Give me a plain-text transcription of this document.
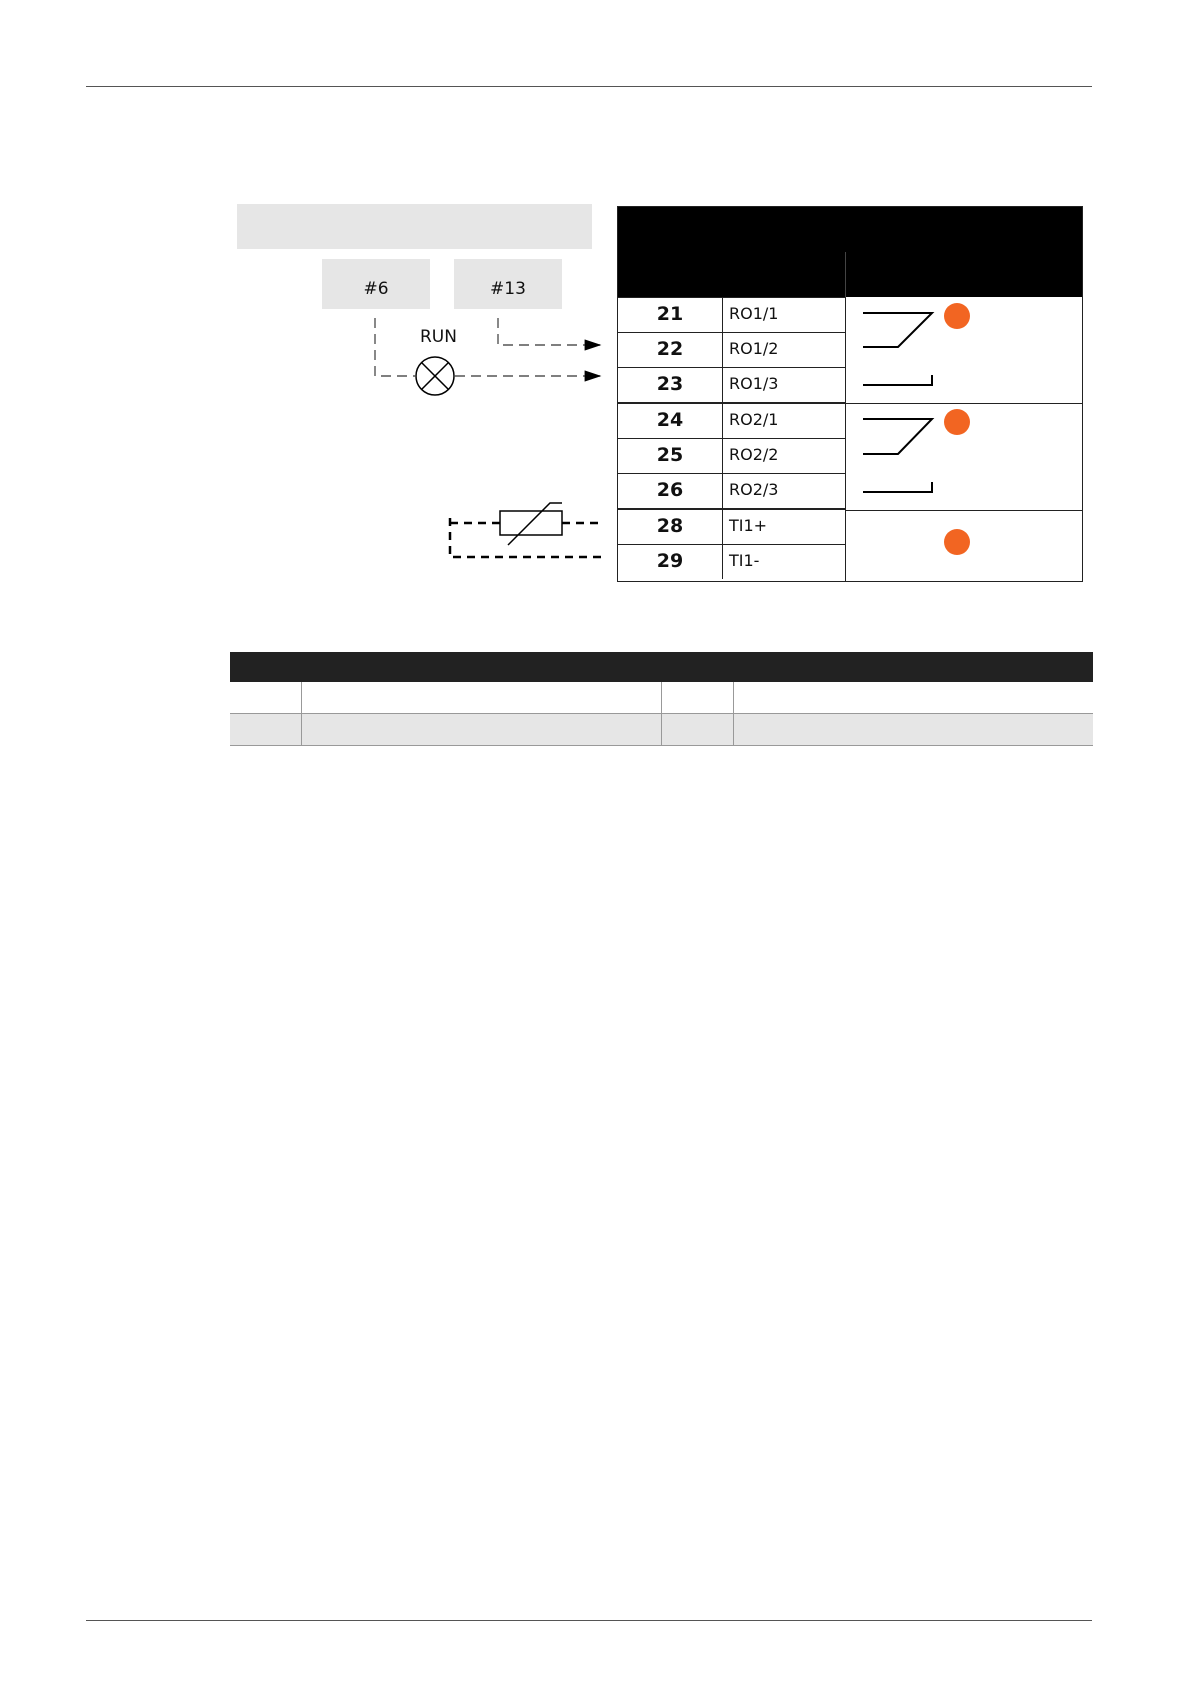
#6	#13
RUN
21	RO1/1
22	RO1/2
23	RO1/3
24	RO2/1
25	RO2/2
26	RO2/3
28	TI1+
29	TI1-
